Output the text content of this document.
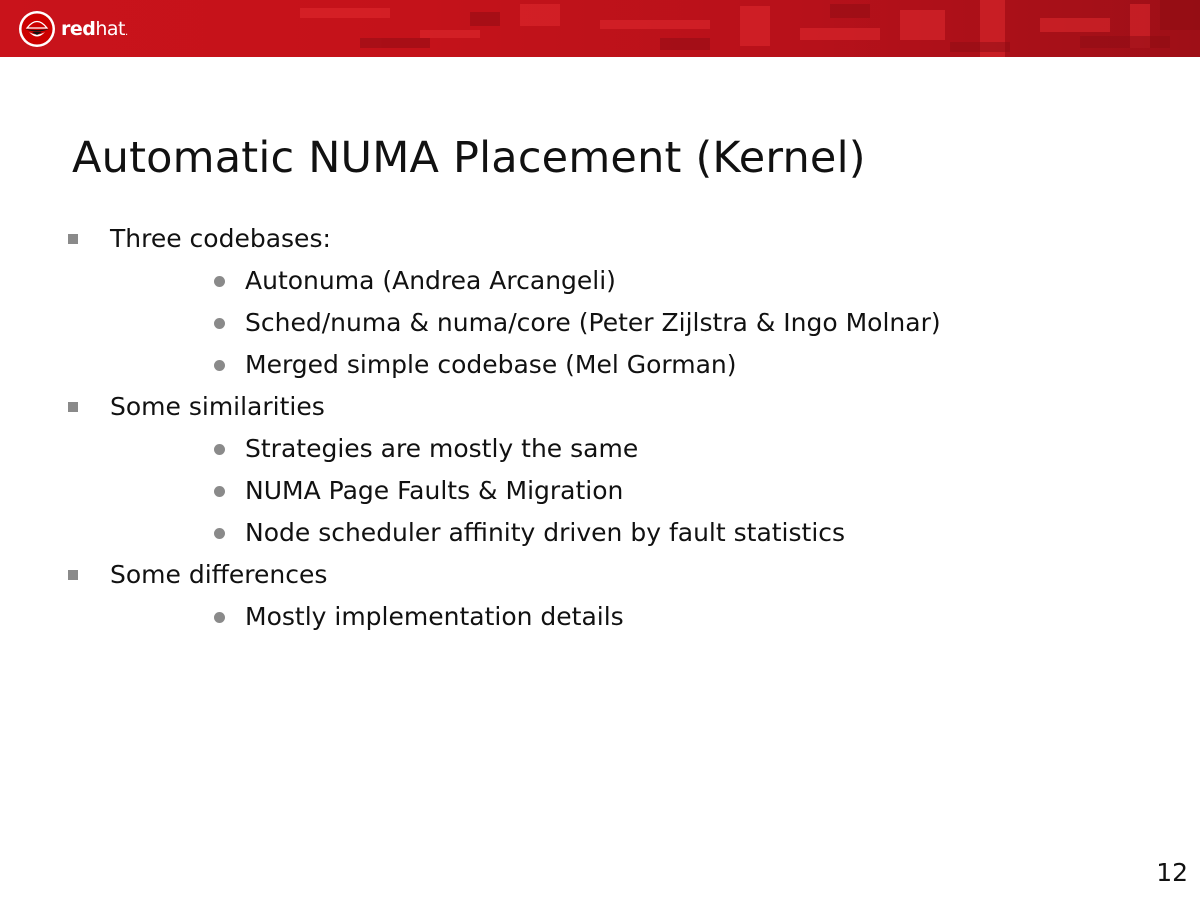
redhat.
Automatic NUMA Placement (Kernel)
Three codebases:
Autonuma (Andrea Arcangeli)
Sched/numa & numa/core (Peter Zijlstra & Ingo Molnar)
Merged simple codebase (Mel Gorman)
Some similarities
Strategies are mostly the same
NUMA Page Faults & Migration
Node scheduler affinity driven by fault statistics
Some differences
Mostly implementation details
12
